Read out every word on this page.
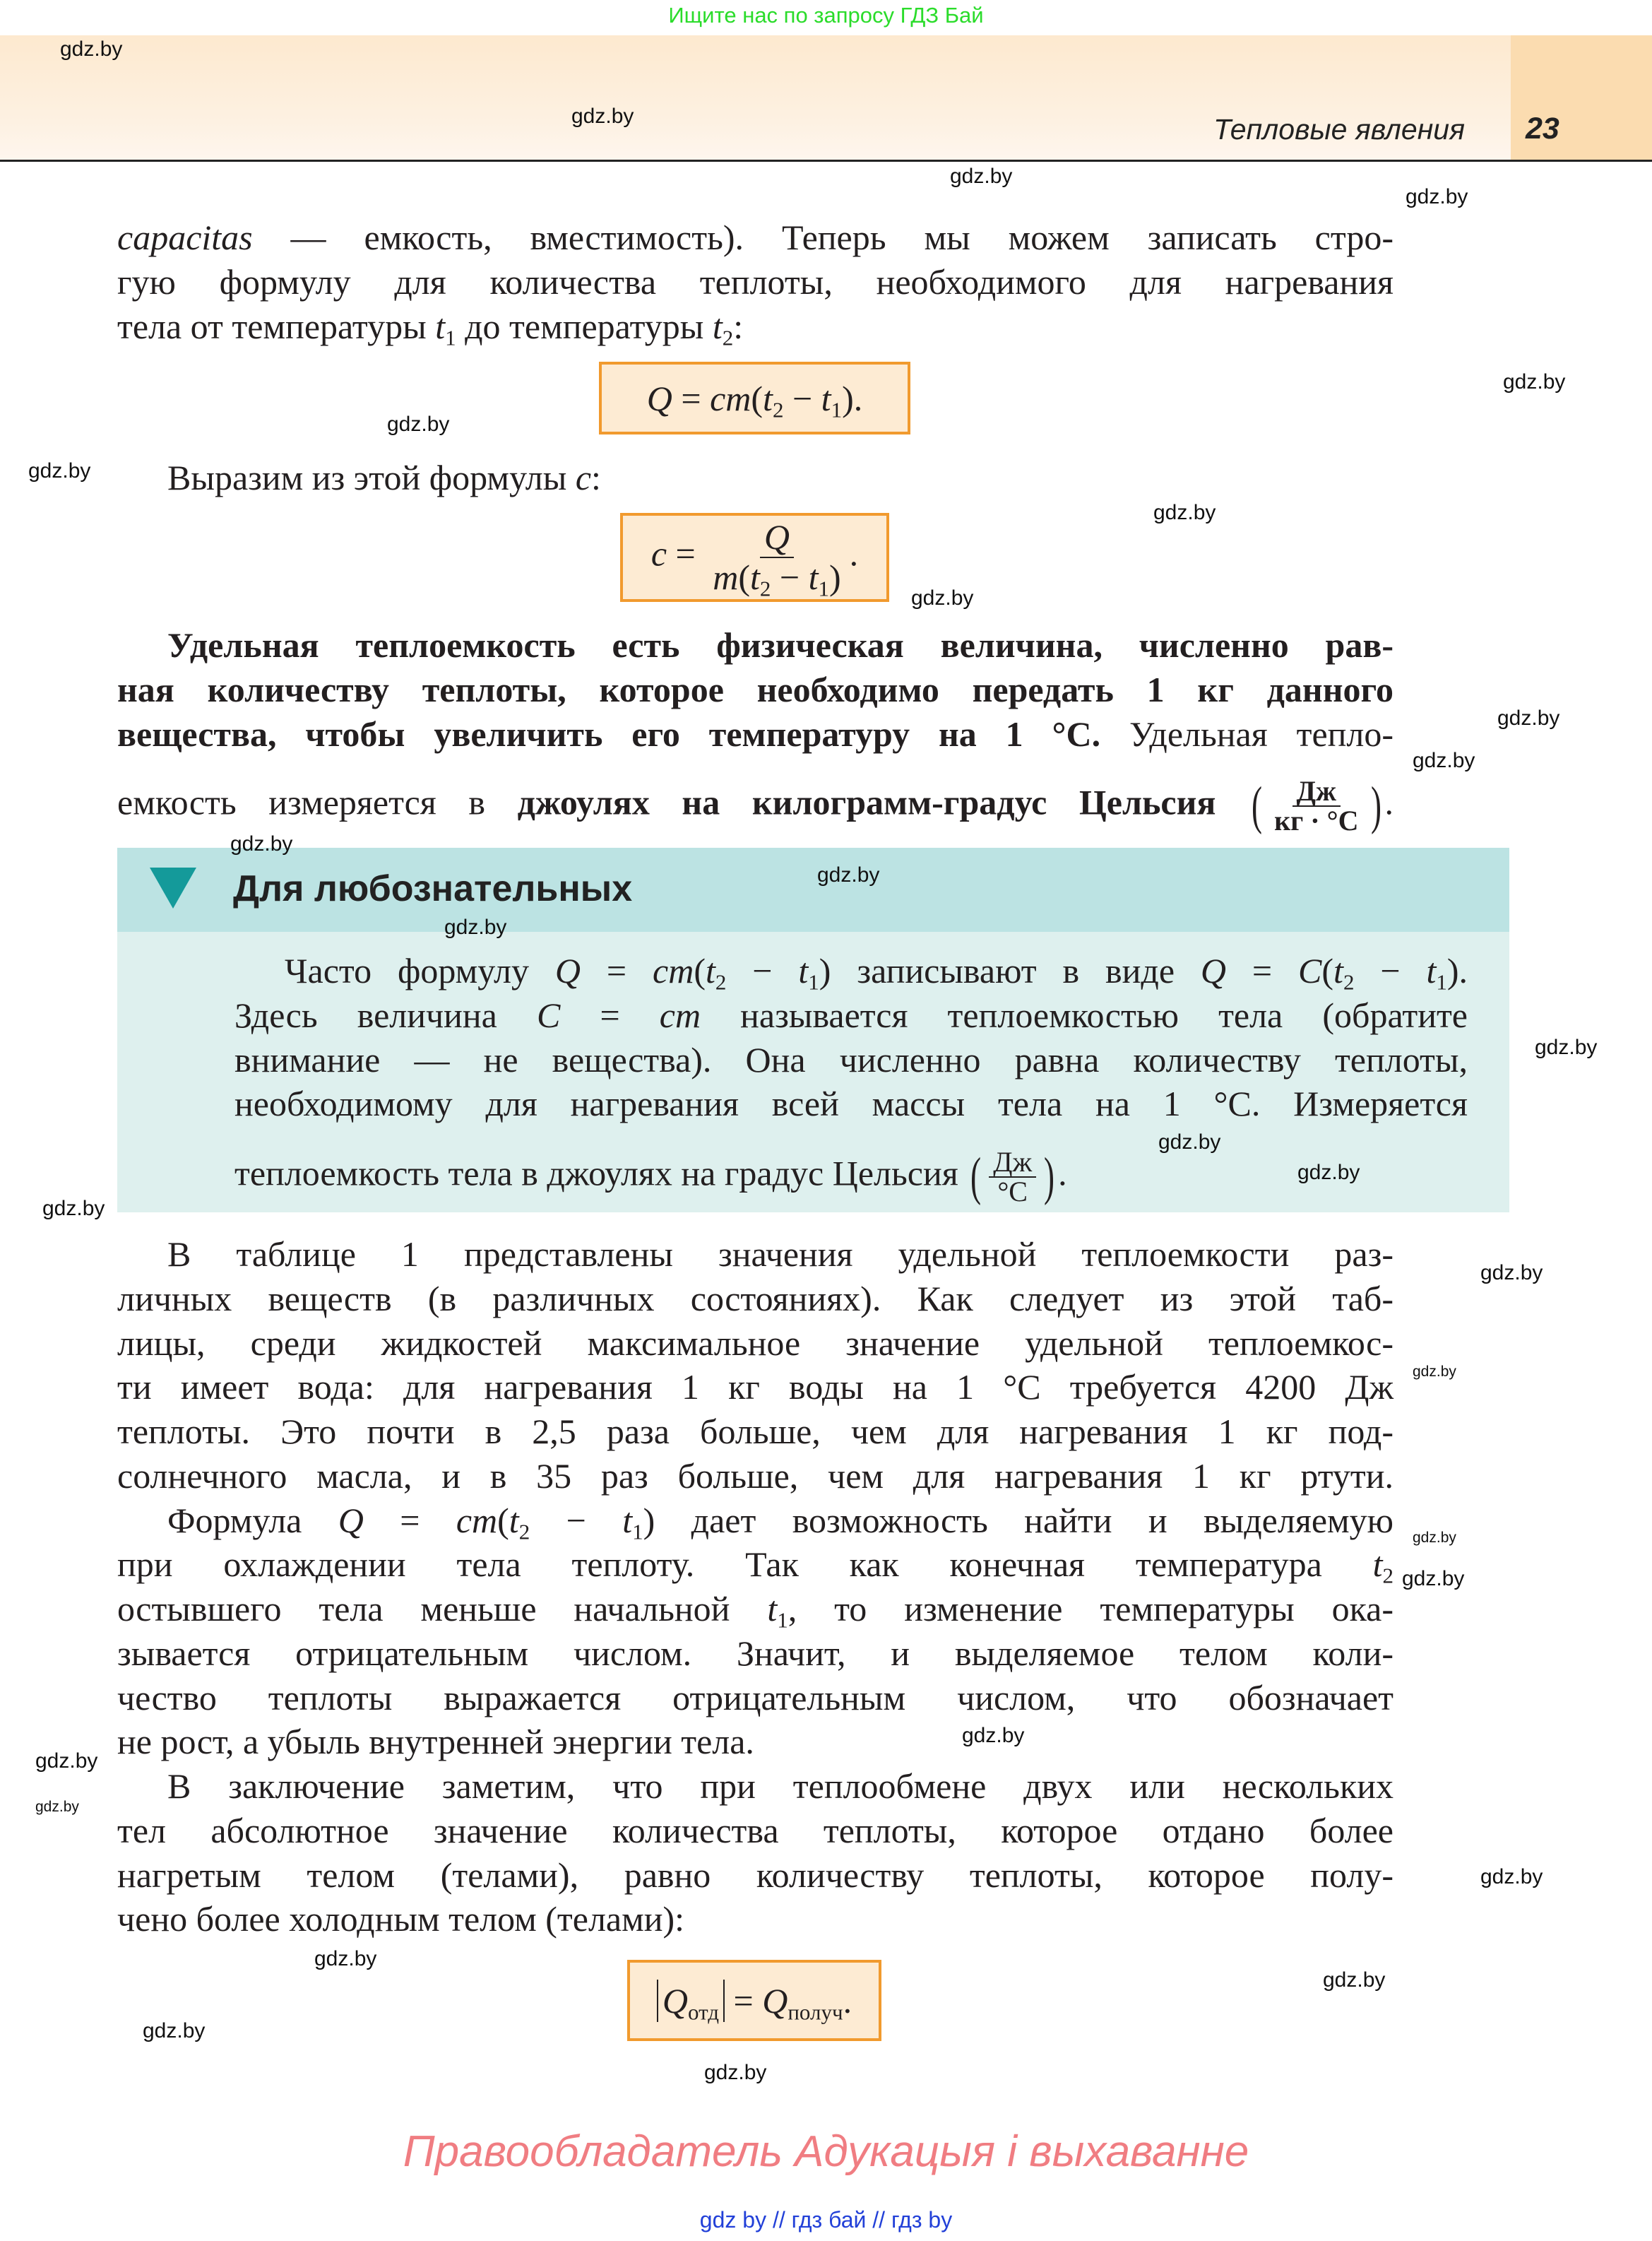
Ищите нас по запросу ГДЗ Бай
Тепловые явления 23
capacitas — емкость, вместимость). Теперь мы можем записать стро-
гую формулу для количества теплоты, необходимого для нагревания
тела от температуры $t_1$ до температуры $t_2$:
$Q = cm(t_2 - t_1)$.
Выразим из этой формулы c:
$c = \frac{Q}{m(t_2 - t_1)}$ .
Удельная теплоемкость есть физическая величина, численно рав-
ная количеству теплоты, которое необходимо передать 1 кг данного
вещества, чтобы увеличить его температуру на 1 °C. Удельная тепло-
емкость измеряется в джоулях на килограмм-градус Цельсия ( $\frac{Дж}{кг \cdot ^\circ C}$ ).
Для любознательных
Часто формулу $Q = cm(t_2 - t_1)$ записывают в виде $Q = C(t_2 - t_1)$.
Здесь величина C = cm называется теплоемкостью тела (обратите
внимание — не вещества). Она численно равна количеству теплоты,
необходимому для нагревания всей массы тела на 1 °C. Измеряется
теплоемкость тела в джоулях на градус Цельсия ( $\frac{Дж}{^\circ C}$ ).
В таблице 1 представлены значения удельной теплоемкости раз-
личных веществ (в различных состояниях). Как следует из этой таб-
лицы, среди жидкостей максимальное значение удельной теплоемкос-
ти имеет вода: для нагревания 1 кг воды на 1 °C требуется 4200 Дж
теплоты. Это почти в 2,5 раза больше, чем для нагревания 1 кг под-
солнечного масла, и в 35 раз больше, чем для нагревания 1 кг ртути.
Формула $Q = cm(t_2 - t_1)$ дает возможность найти и выделяемую
при охлаждении тела теплоту. Так как конечная температура $t_2$
остывшего тела меньше начальной $t_1$, то изменение температуры ока-
зывается отрицательным числом. Значит, и выделяемое телом коли-
чество теплоты выражается отрицательным числом, что обозначает
не рост, а убыль внутренней энергии тела.
В заключение заметим, что при теплообмене двух или нескольких
тел абсолютное значение количества теплоты, которое отдано более
нагретым телом (телами), равно количеству теплоты, которое полу-
чено более холодным телом (телами):
$Q_{отд} = Q_{получ}$.
Правообладатель Адукацыя і выхаванне
gdz by // гдз бай // гдз by
gdz.by
gdz.by
gdz.by
gdz.by
gdz.by
gdz.by
gdz.by
gdz.by
gdz.by
gdz.by
gdz.by
gdz.by
gdz.by
gdz.by
gdz.by
gdz.by
gdz.by
gdz.by
gdz.by
gdz.by
gdz.by
gdz.by
gdz.by
gdz.by
gdz.by
gdz.by
gdz.by
gdz.by
gdz.by
gdz.by
